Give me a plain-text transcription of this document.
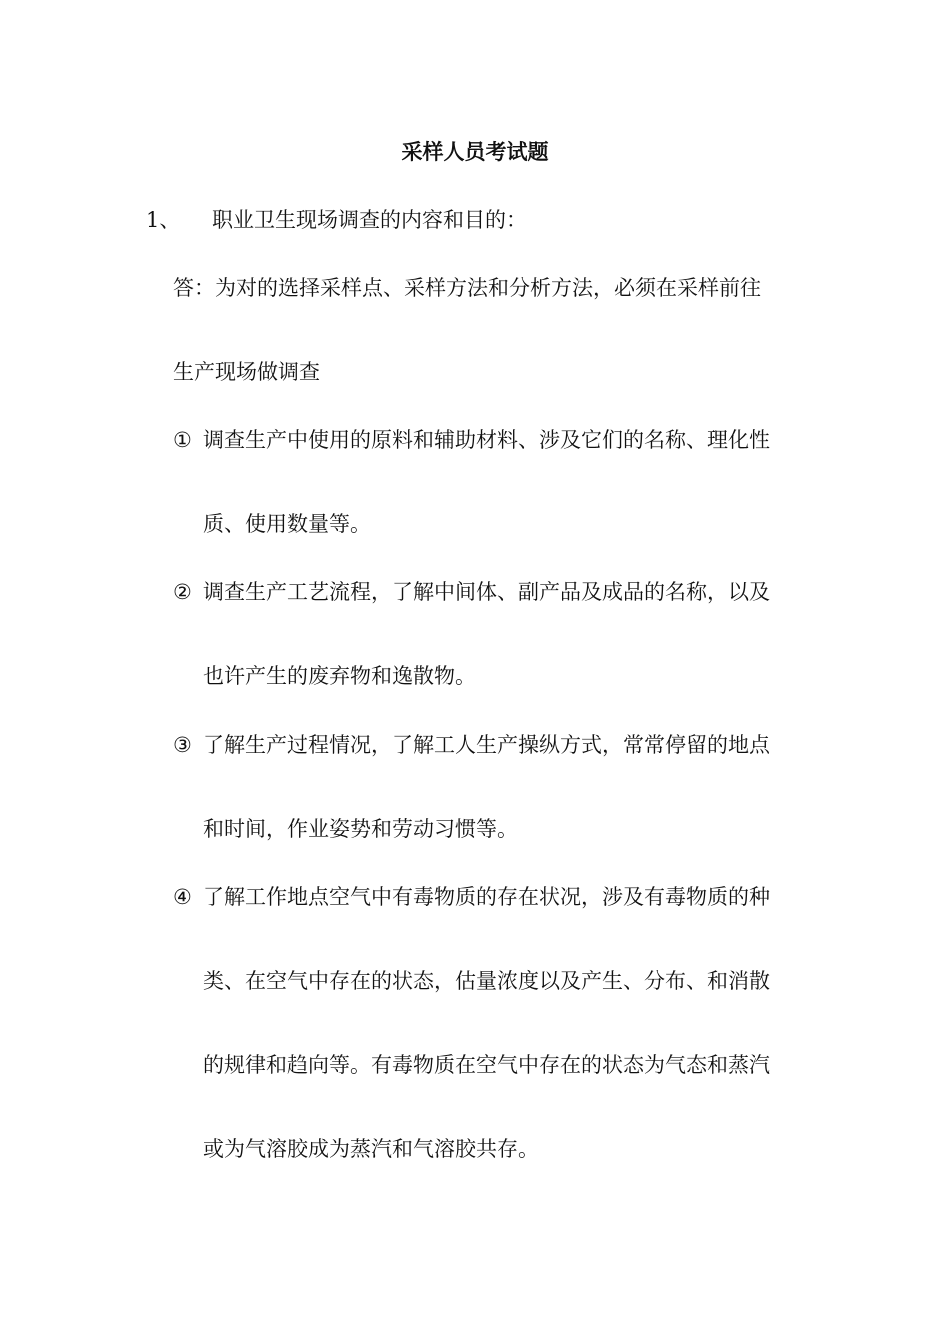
采样人员考试题
1、 职业卫生现场调查的内容和目的：
答：为对的选择采样点、采样方法和分析方法，必须在采样前往
生产现场做调查
① 调查生产中使用的原料和辅助材料、涉及它们的名称、理化性
质、使用数量等。
② 调查生产工艺流程，了解中间体、副产品及成品的名称，以及
也许产生的废弃物和逸散物。
③ 了解生产过程情况，了解工人生产操纵方式，常常停留的地点
和时间，作业姿势和劳动习惯等。
④ 了解工作地点空气中有毒物质的存在状况，涉及有毒物质的种
类、在空气中存在的状态，估量浓度以及产生、分布、和消散
的规律和趋向等。有毒物质在空气中存在的状态为气态和蒸汽
或为气溶胶成为蒸汽和气溶胶共存。
